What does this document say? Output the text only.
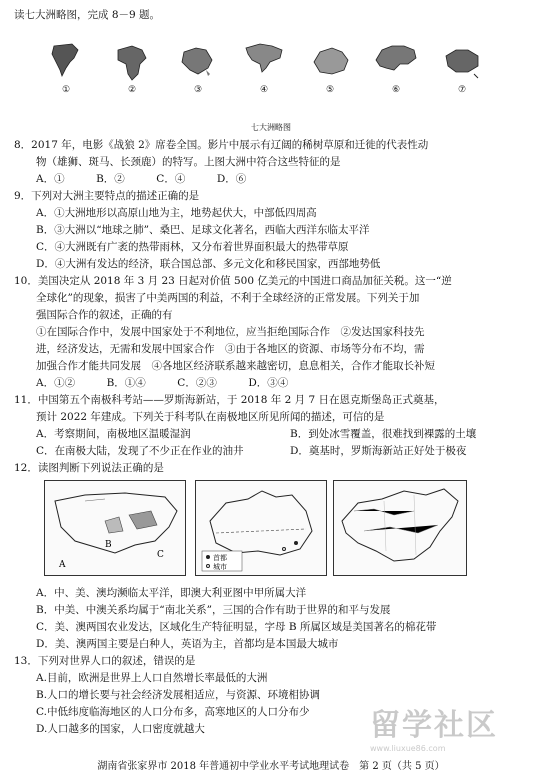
读七大洲略图，完成 8－9 题。
①	②	③	④	⑤	⑥	⑦
七大洲略图
8．2017 年，电影《战狼 2》席卷全国。影片中展示有辽阔的稀树草原和迁徙的代表性动
物（雄狮、斑马、长颈鹿）的特写。上图大洲中符合这些特征的是
A．①　　　B．②　　　C．④　　　D．⑥
9．下列对大洲主要特点的描述正确的是
A．①大洲地形以高原山地为主，地势起伏大，中部低四周高
B．③大洲以“地球之肺”、桑巴、足球文化著名，西临大西洋东临太平洋
C．④大洲既有广袤的热带雨林，又分布着世界面积最大的热带草原
D．④大洲有发达的经济，联合国总部、多元文化和移民国家，西部地势低
10．美国决定从 2018 年 3 月 23 日起对价值 500 亿美元的中国进口商品加征关税。这一“逆
全球化”的现象，损害了中美两国的利益，不利于全球经济的正常发展。下列关于加
强国际合作的叙述，正确的有
①在国际合作中，发展中国家处于不利地位，应当拒绝国际合作　②发达国家科技先
进，经济发达，无需和发展中国家合作　③由于各地区的资源、市场等分布不均，需
加强合作才能共同发展　④各地区经济联系越来越密切，息息相关，合作才能取长补短
A．①②　　　B．①④　　　C．②③　　　D．③④
11．中国第五个南极科考站——罗斯海新站，于 2018 年 2 月 7 日在恩克斯堡岛正式奠基，
预计 2022 年建成。下列关于科考队在南极地区所见所闻的描述，可信的是
A．考察期间，南极地区温暖湿润	B．到处冰雪覆盖，很难找到裸露的土壤
C．在南极大陆，发现了不少正在作业的油井	D．奠基时，罗斯海新站正好处于极夜
12．读图判断下列说法正确的是
A
B
C	首都
城市
A．中、美、澳均濒临太平洋，即澳大利亚图中甲所属大洋
B．中美、中澳关系均属于“南北关系”，三国的合作有助于世界的和平与发展
C．美、澳两国农业发达，区域化生产特征明显，字母 B 所属区域是美国著名的棉花带
D．美、澳两国主要是白种人，英语为主，首都均是本国最大城市
13．下列对世界人口的叙述，错误的是
A.目前，欧洲是世界上人口自然增长率最低的大洲
B.人口的增长要与社会经济发展相适应，与资源、环境相协调
C.中低纬度临海地区的人口分布多，高寒地区的人口分布少
D.人口越多的国家，人口密度就越大	留学社区
www.liuxue86.com
湖南省张家界市 2018 年普通初中学业水平考试地理试卷　第 2 页（共 5 页）
